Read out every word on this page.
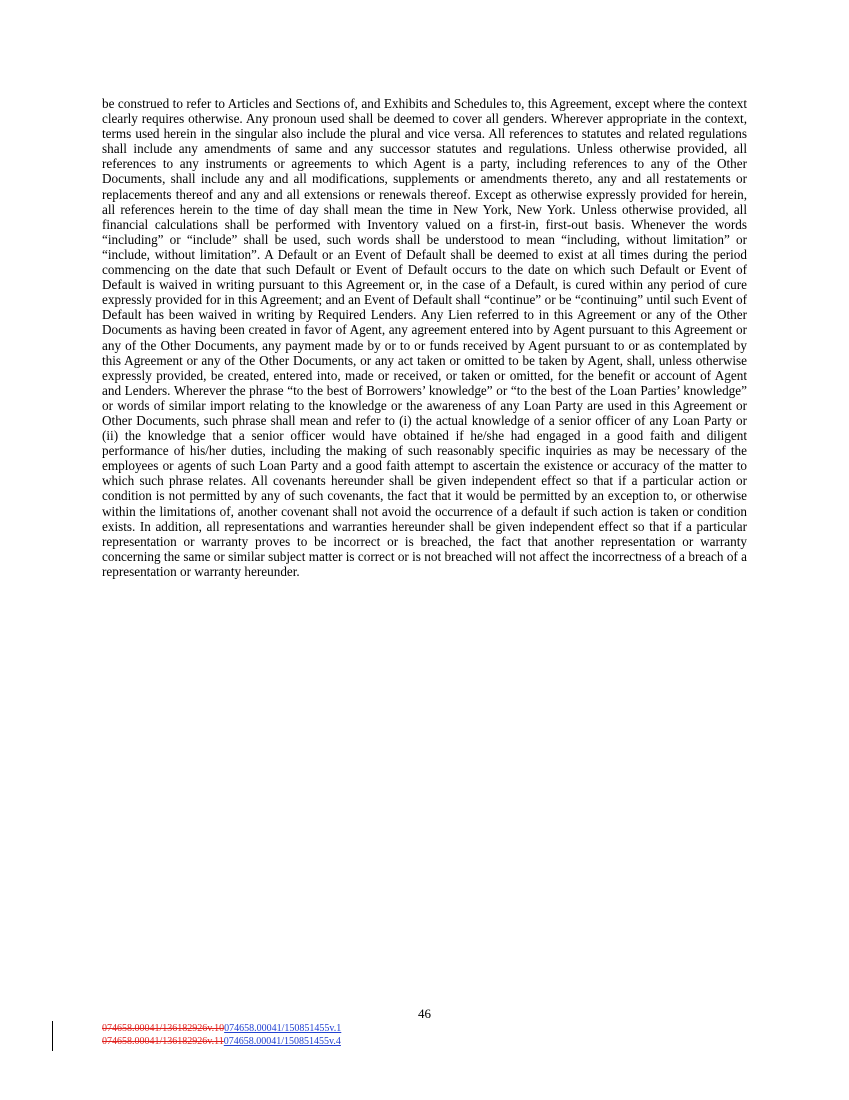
be construed to refer to Articles and Sections of, and Exhibits and Schedules to, this Agreement, except where the context clearly requires otherwise. Any pronoun used shall be deemed to cover all genders. Wherever appropriate in the context, terms used herein in the singular also include the plural and vice versa. All references to statutes and related regulations shall include any amendments of same and any successor statutes and regulations. Unless otherwise provided, all references to any instruments or agreements to which Agent is a party, including references to any of the Other Documents, shall include any and all modifications, supplements or amendments thereto, any and all restatements or replacements thereof and any and all extensions or renewals thereof. Except as otherwise expressly provided for herein, all references herein to the time of day shall mean the time in New York, New York. Unless otherwise provided, all financial calculations shall be performed with Inventory valued on a first-in, first-out basis. Whenever the words “including” or “include” shall be used, such words shall be understood to mean “including, without limitation” or “include, without limitation”. A Default or an Event of Default shall be deemed to exist at all times during the period commencing on the date that such Default or Event of Default occurs to the date on which such Default or Event of Default is waived in writing pursuant to this Agreement or, in the case of a Default, is cured within any period of cure expressly provided for in this Agreement; and an Event of Default shall “continue” or be “continuing” until such Event of Default has been waived in writing by Required Lenders. Any Lien referred to in this Agreement or any of the Other Documents as having been created in favor of Agent, any agreement entered into by Agent pursuant to this Agreement or any of the Other Documents, any payment made by or to or funds received by Agent pursuant to or as contemplated by this Agreement or any of the Other Documents, or any act taken or omitted to be taken by Agent, shall, unless otherwise expressly provided, be created, entered into, made or received, or taken or omitted, for the benefit or account of Agent and Lenders. Wherever the phrase “to the best of Borrowers’ knowledge” or “to the best of the Loan Parties’ knowledge” or words of similar import relating to the knowledge or the awareness of any Loan Party are used in this Agreement or Other Documents, such phrase shall mean and refer to (i) the actual knowledge of a senior officer of any Loan Party or (ii) the knowledge that a senior officer would have obtained if he/she had engaged in a good faith and diligent performance of his/her duties, including the making of such reasonably specific inquiries as may be necessary of the employees or agents of such Loan Party and a good faith attempt to ascertain the existence or accuracy of the matter to which such phrase relates. All covenants hereunder shall be given independent effect so that if a particular action or condition is not permitted by any of such covenants, the fact that it would be permitted by an exception to, or otherwise within the limitations of, another covenant shall not avoid the occurrence of a default if such action is taken or condition exists. In addition, all representations and warranties hereunder shall be given independent effect so that if a particular representation or warranty proves to be incorrect or is breached, the fact that another representation or warranty concerning the same or similar subject matter is correct or is not breached will not affect the incorrectness of a breach of a representation or warranty hereunder.

46
074658.00041/136182926v.10074658.00041/150851455v.1
074658.00041/136182926v.11074658.00041/150851455v.4
